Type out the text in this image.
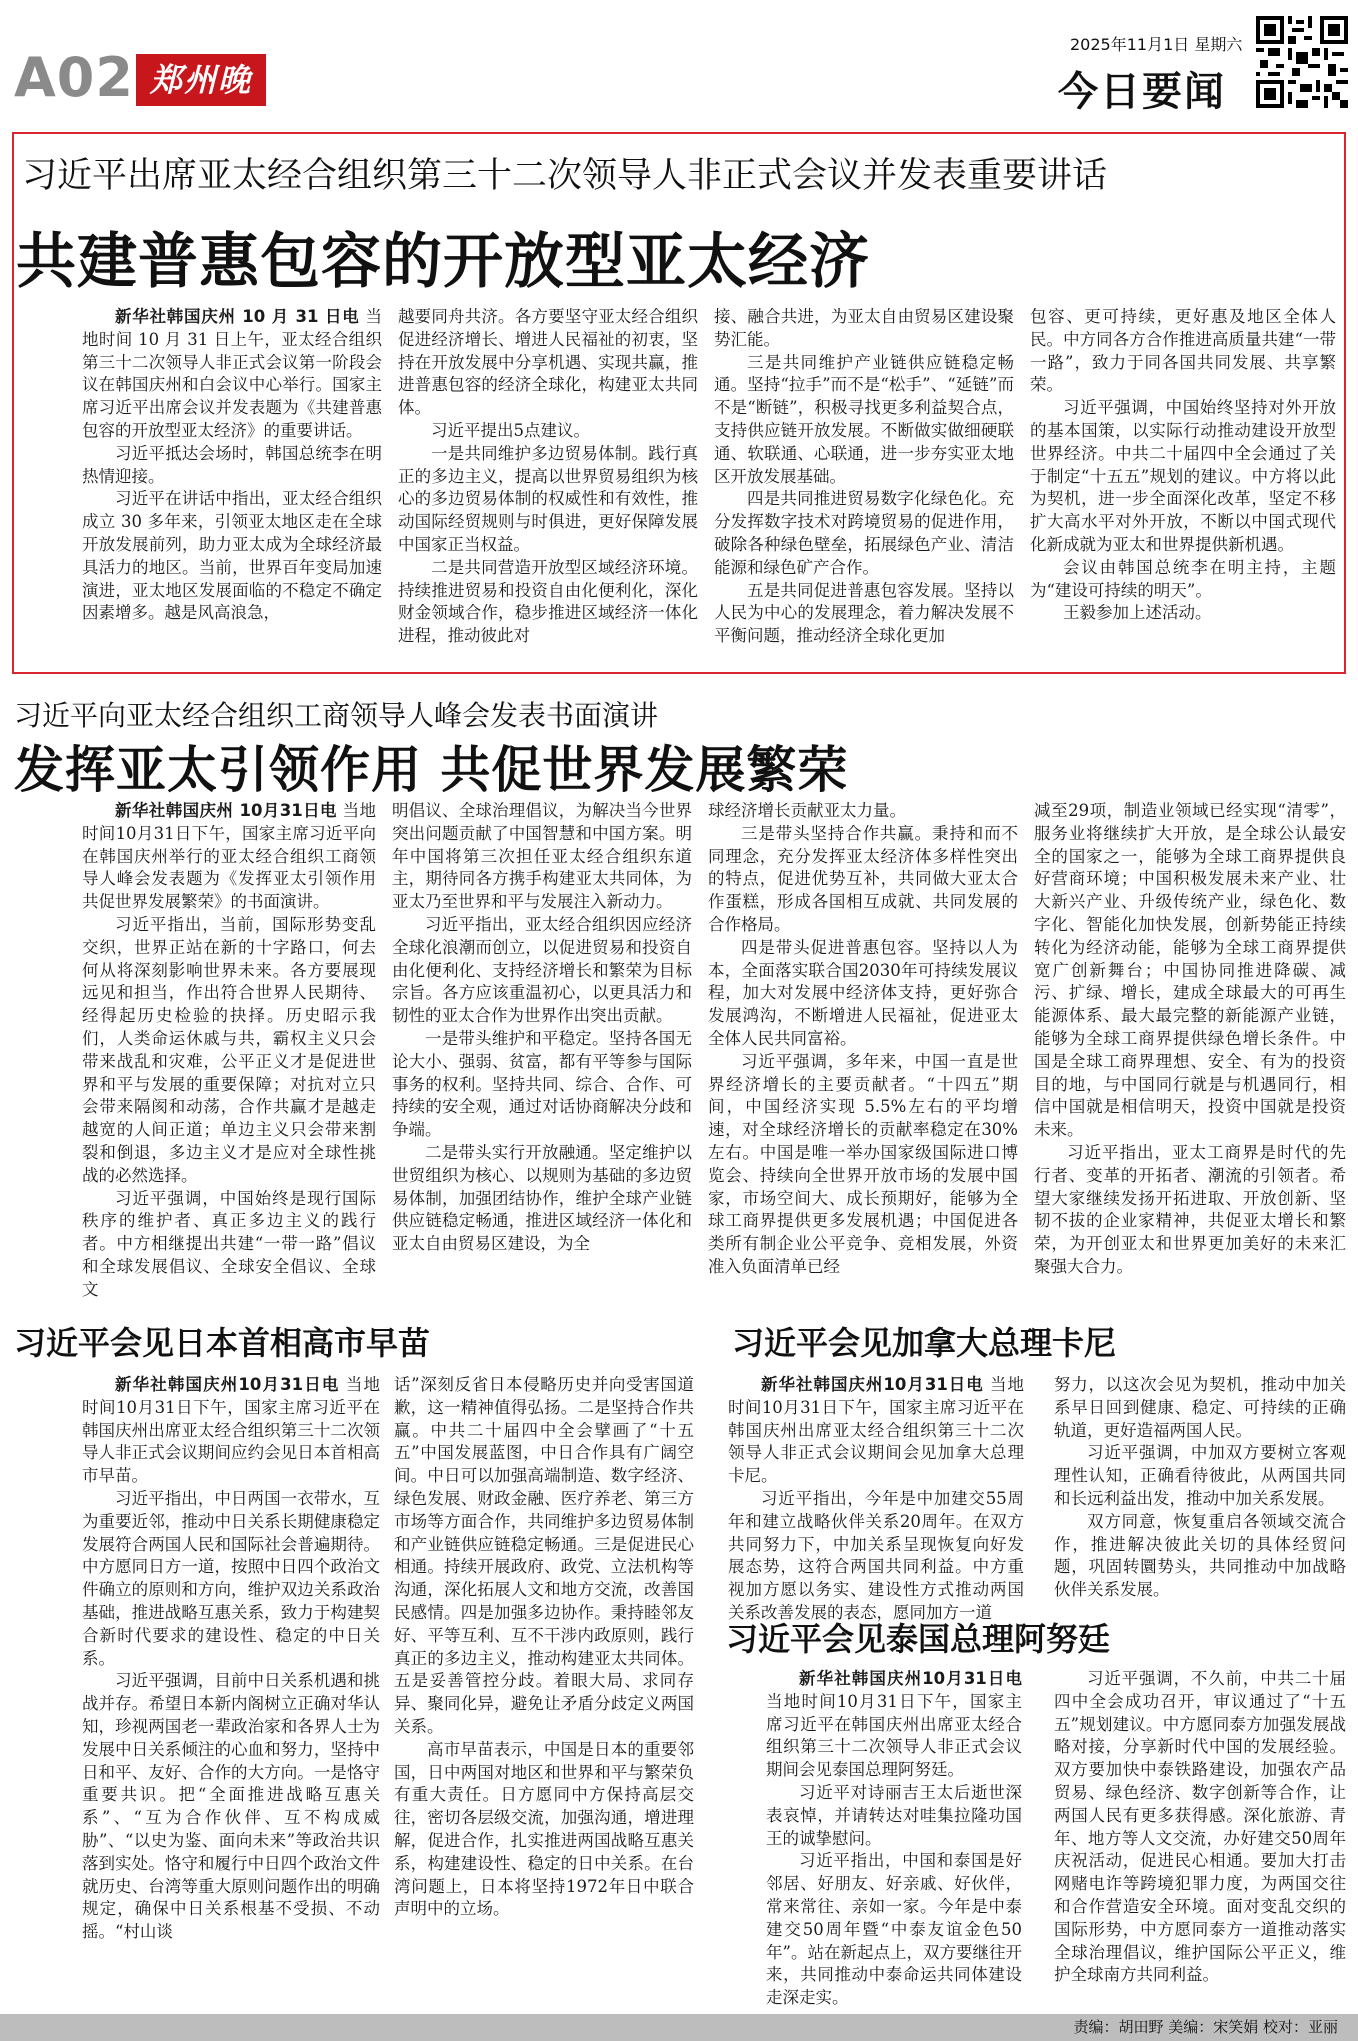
A02 郑州晚报
2025年11月1日 星期六
今日要闻
习近平出席亚太经合组织第三十二次领导人非正式会议并发表重要讲话
共建普惠包容的开放型亚太经济

新华社韩国庆州 10 月 31 日电 当地时间 10 月 31 日上午，亚太经合组织第三十二次领导人非正式会议第一阶段会议在韩国庆州和白会议中心举行。国家主席习近平出席会议并发表题为《共建普惠包容的开放型亚太经济》的重要讲话。

习近平抵达会场时，韩国总统李在明热情迎接。

习近平在讲话中指出，亚太经合组织成立 30 多年来，引领亚太地区走在全球开放发展前列，助力亚太成为全球经济最具活力的地区。当前，世界百年变局加速演进，亚太地区发展面临的不稳定不确定因素增多。越是风高浪急，

越要同舟共济。各方要坚守亚太经合组织促进经济增长、增进人民福祉的初衷，坚持在开放发展中分享机遇、实现共赢，推进普惠包容的经济全球化，构建亚太共同体。

习近平提出5点建议。

一是共同维护多边贸易体制。践行真正的多边主义，提高以世界贸易组织为核心的多边贸易体制的权威性和有效性，推动国际经贸规则与时俱进，更好保障发展中国家正当权益。

二是共同营造开放型区域经济环境。持续推进贸易和投资自由化便利化，深化财金领域合作，稳步推进区域经济一体化进程，推动彼此对

接、融合共进，为亚太自由贸易区建设聚势汇能。

三是共同维护产业链供应链稳定畅通。坚持“拉手”而不是“松手”、“延链”而不是“断链”，积极寻找更多利益契合点，支持供应链开放发展。不断做实做细硬联通、软联通、心联通，进一步夯实亚太地区开放发展基础。

四是共同推进贸易数字化绿色化。充分发挥数字技术对跨境贸易的促进作用，破除各种绿色壁垒，拓展绿色产业、清洁能源和绿色矿产合作。

五是共同促进普惠包容发展。坚持以人民为中心的发展理念，着力解决发展不平衡问题，推动经济全球化更加

包容、更可持续，更好惠及地区全体人民。中方同各方合作推进高质量共建“一带一路”，致力于同各国共同发展、共享繁荣。

习近平强调，中国始终坚持对外开放的基本国策，以实际行动推动建设开放型世界经济。中共二十届四中全会通过了关于制定“十五五”规划的建议。中方将以此为契机，进一步全面深化改革，坚定不移扩大高水平对外开放，不断以中国式现代化新成就为亚太和世界提供新机遇。

会议由韩国总统李在明主持，主题为“建设可持续的明天”。

王毅参加上述活动。

习近平向亚太经合组织工商领导人峰会发表书面演讲
发挥亚太引领作用 共促世界发展繁荣

新华社韩国庆州 10月31日电 当地时间10月31日下午，国家主席习近平向在韩国庆州举行的亚太经合组织工商领导人峰会发表题为《发挥亚太引领作用 共促世界发展繁荣》的书面演讲。

习近平指出，当前，国际形势变乱交织，世界正站在新的十字路口，何去何从将深刻影响世界未来。各方要展现远见和担当，作出符合世界人民期待、经得起历史检验的抉择。历史昭示我们，人类命运休戚与共，霸权主义只会带来战乱和灾难，公平正义才是促进世界和平与发展的重要保障；对抗对立只会带来隔阂和动荡，合作共赢才是越走越宽的人间正道；单边主义只会带来割裂和倒退，多边主义才是应对全球性挑战的必然选择。

习近平强调，中国始终是现行国际秩序的维护者、真正多边主义的践行者。中方相继提出共建“一带一路”倡议和全球发展倡议、全球安全倡议、全球文

明倡议、全球治理倡议，为解决当今世界突出问题贡献了中国智慧和中国方案。明年中国将第三次担任亚太经合组织东道主，期待同各方携手构建亚太共同体，为亚太乃至世界和平与发展注入新动力。

习近平指出，亚太经合组织因应经济全球化浪潮而创立，以促进贸易和投资自由化便利化、支持经济增长和繁荣为目标宗旨。各方应该重温初心，以更具活力和韧性的亚太合作为世界作出突出贡献。

一是带头维护和平稳定。坚持各国无论大小、强弱、贫富，都有平等参与国际事务的权利。坚持共同、综合、合作、可持续的安全观，通过对话协商解决分歧和争端。

二是带头实行开放融通。坚定维护以世贸组织为核心、以规则为基础的多边贸易体制，加强团结协作，维护全球产业链供应链稳定畅通，推进区域经济一体化和亚太自由贸易区建设，为全

球经济增长贡献亚太力量。

三是带头坚持合作共赢。秉持和而不同理念，充分发挥亚太经济体多样性突出的特点，促进优势互补，共同做大亚太合作蛋糕，形成各国相互成就、共同发展的合作格局。

四是带头促进普惠包容。坚持以人为本，全面落实联合国2030年可持续发展议程，加大对发展中经济体支持，更好弥合发展鸿沟，不断增进人民福祉，促进亚太全体人民共同富裕。

习近平强调，多年来，中国一直是世界经济增长的主要贡献者。“十四五”期间，中国经济实现 5.5%左右的平均增速，对全球经济增长的贡献率稳定在30%左右。中国是唯一举办国家级国际进口博览会、持续向全世界开放市场的发展中国家，市场空间大、成长预期好，能够为全球工商界提供更多发展机遇；中国促进各类所有制企业公平竞争、竞相发展，外资准入负面清单已经

减至29项，制造业领域已经实现“清零”，服务业将继续扩大开放，是全球公认最安全的国家之一，能够为全球工商界提供良好营商环境；中国积极发展未来产业、壮大新兴产业、升级传统产业，绿色化、数字化、智能化加快发展，创新势能正持续转化为经济动能，能够为全球工商界提供宽广创新舞台；中国协同推进降碳、减污、扩绿、增长，建成全球最大的可再生能源体系、最大最完整的新能源产业链，能够为全球工商界提供绿色增长条件。中国是全球工商界理想、安全、有为的投资目的地，与中国同行就是与机遇同行，相信中国就是相信明天，投资中国就是投资未来。

习近平指出，亚太工商界是时代的先行者、变革的开拓者、潮流的引领者。希望大家继续发扬开拓进取、开放创新、坚韧不拔的企业家精神，共促亚太增长和繁荣，为开创亚太和世界更加美好的未来汇聚强大合力。

习近平会见日本首相高市早苗

新华社韩国庆州10月31日电 当地时间10月31日下午，国家主席习近平在韩国庆州出席亚太经合组织第三十二次领导人非正式会议期间应约会见日本首相高市早苗。

习近平指出，中日两国一衣带水，互为重要近邻，推动中日关系长期健康稳定发展符合两国人民和国际社会普遍期待。中方愿同日方一道，按照中日四个政治文件确立的原则和方向，维护双边关系政治基础，推进战略互惠关系，致力于构建契合新时代要求的建设性、稳定的中日关系。

习近平强调，目前中日关系机遇和挑战并存。希望日本新内阁树立正确对华认知，珍视两国老一辈政治家和各界人士为发展中日关系倾注的心血和努力，坚持中日和平、友好、合作的大方向。一是恪守重要共识。把“全面推进战略互惠关系”、“互为合作伙伴、互不构成威胁”、“以史为鉴、面向未来”等政治共识落到实处。恪守和履行中日四个政治文件就历史、台湾等重大原则问题作出的明确规定，确保中日关系根基不受损、不动摇。“村山谈

话”深刻反省日本侵略历史并向受害国道歉，这一精神值得弘扬。二是坚持合作共赢。中共二十届四中全会擘画了“十五五”中国发展蓝图，中日合作具有广阔空间。中日可以加强高端制造、数字经济、绿色发展、财政金融、医疗养老、第三方市场等方面合作，共同维护多边贸易体制和产业链供应链稳定畅通。三是促进民心相通。持续开展政府、政党、立法机构等沟通，深化拓展人文和地方交流，改善国民感情。四是加强多边协作。秉持睦邻友好、平等互利、互不干涉内政原则，践行真正的多边主义，推动构建亚太共同体。五是妥善管控分歧。着眼大局、求同存异、聚同化异，避免让矛盾分歧定义两国关系。

高市早苗表示，中国是日本的重要邻国，日中两国对地区和世界和平与繁荣负有重大责任。日方愿同中方保持高层交往，密切各层级交流，加强沟通，增进理解，促进合作，扎实推进两国战略互惠关系，构建建设性、稳定的日中关系。在台湾问题上，日本将坚持1972年日中联合声明中的立场。

习近平会见加拿大总理卡尼

新华社韩国庆州10月31日电 当地时间10月31日下午，国家主席习近平在韩国庆州出席亚太经合组织第三十二次领导人非正式会议期间会见加拿大总理卡尼。

习近平指出，今年是中加建交55周年和建立战略伙伴关系20周年。在双方共同努力下，中加关系呈现恢复向好发展态势，这符合两国共同利益。中方重视加方愿以务实、建设性方式推动两国关系改善发展的表态，愿同加方一道

努力，以这次会见为契机，推动中加关系早日回到健康、稳定、可持续的正确轨道，更好造福两国人民。

习近平强调，中加双方要树立客观理性认知，正确看待彼此，从两国共同和长远利益出发，推动中加关系发展。

双方同意，恢复重启各领域交流合作，推进解决彼此关切的具体经贸问题，巩固转圜势头，共同推动中加战略伙伴关系发展。

习近平会见泰国总理阿努廷

新华社韩国庆州10月31日电 当地时间10月31日下午，国家主席习近平在韩国庆州出席亚太经合组织第三十二次领导人非正式会议期间会见泰国总理阿努廷。

习近平对诗丽吉王太后逝世深表哀悼，并请转达对哇集拉隆功国王的诚挚慰问。

习近平指出，中国和泰国是好邻居、好朋友、好亲戚、好伙伴，常来常往、亲如一家。今年是中泰建交50周年暨“中泰友谊金色50年”。站在新起点上，双方要继往开来，共同推动中泰命运共同体建设走深走实。

习近平强调，不久前，中共二十届四中全会成功召开，审议通过了“十五五”规划建议。中方愿同泰方加强发展战略对接，分享新时代中国的发展经验。双方要加快中泰铁路建设，加强农产品贸易、绿色经济、数字创新等合作，让两国人民有更多获得感。深化旅游、青年、地方等人文交流，办好建交50周年庆祝活动，促进民心相通。要加大打击网赌电诈等跨境犯罪力度，为两国交往和合作营造安全环境。面对变乱交织的国际形势，中方愿同泰方一道推动落实全球治理倡议，维护国际公平正义，维护全球南方共同利益。

责编：胡田野 美编：宋笑娟 校对：亚丽
